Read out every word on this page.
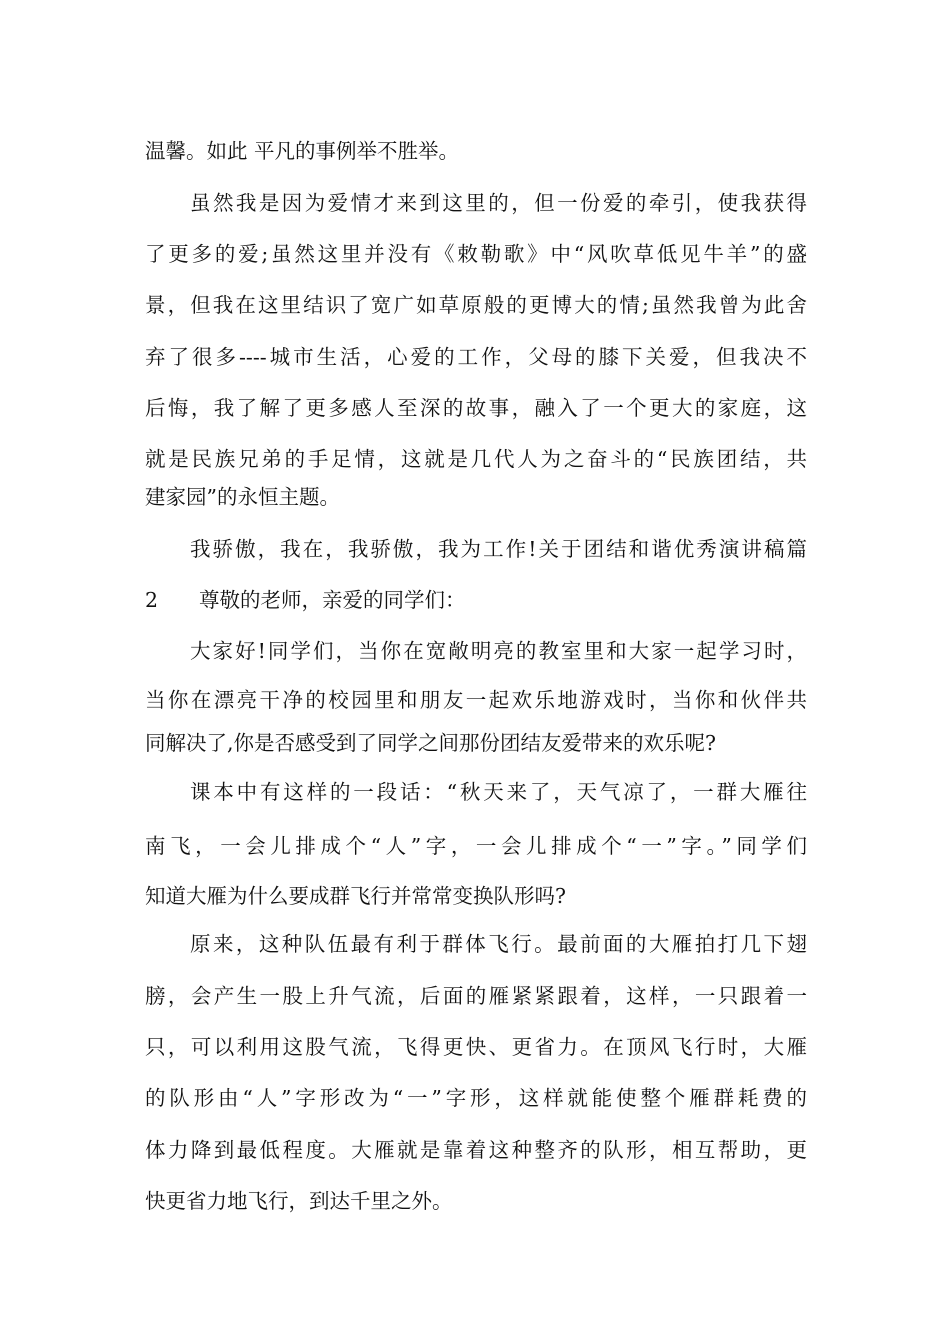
温馨。如此 平凡的事例举不胜举。
虽然我是因为爱情才来到这里的，但一份爱的牵引，使我获得
了更多的爱;虽然这里并没有《敕勒歌》中“风吹草低见牛羊”的盛
景，但我在这里结识了宽广如草原般的更博大的情;虽然我曾为此舍
弃了很多----城市生活，心爱的工作，父母的膝下关爱，但我决不
后悔，我了解了更多感人至深的故事，融入了一个更大的家庭，这
就是民族兄弟的手足情，这就是几代人为之奋斗的“民族团结，共
建家园”的永恒主题。
我骄傲，我在，我骄傲，我为工作!关于团结和谐优秀演讲稿篇
2　　尊敬的老师，亲爱的同学们：
大家好!同学们，当你在宽敞明亮的教室里和大家一起学习时，
当你在漂亮干净的校园里和朋友一起欢乐地游戏时，当你和伙伴共
同解决了,你是否感受到了同学之间那份团结友爱带来的欢乐呢?
课本中有这样的一段话：“秋天来了，天气凉了，一群大雁往
南飞，一会儿排成个“人”字，一会儿排成个“一”字。”同学们
知道大雁为什么要成群飞行并常常变换队形吗?
原来，这种队伍最有利于群体飞行。最前面的大雁拍打几下翅
膀，会产生一股上升气流，后面的雁紧紧跟着，这样，一只跟着一
只，可以利用这股气流，飞得更快、更省力。在顶风飞行时，大雁
的队形由“人”字形改为“一”字形，这样就能使整个雁群耗费的
体力降到最低程度。大雁就是靠着这种整齐的队形，相互帮助，更
快更省力地飞行，到达千里之外。
